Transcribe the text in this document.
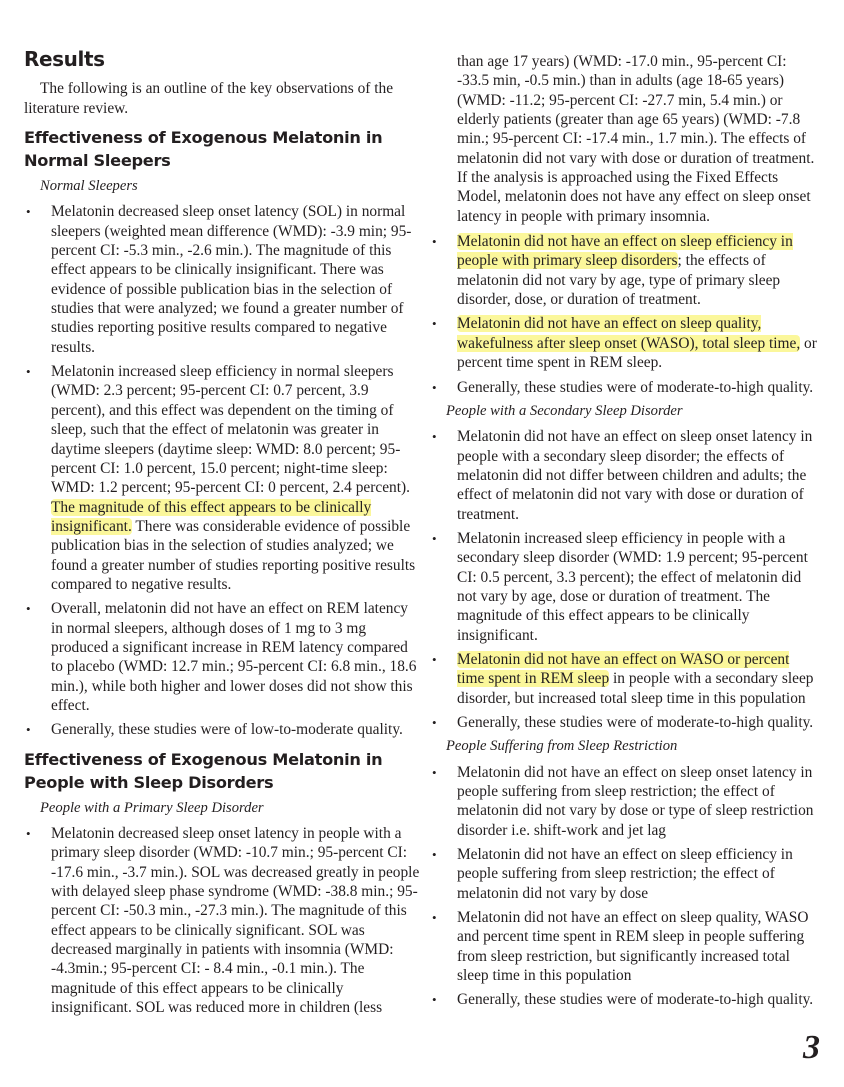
Results

The following is an outline of the key observations of the literature review.

Effectiveness of Exogenous Melatonin in Normal Sleepers
Normal Sleepers
• Melatonin decreased sleep onset latency (SOL) in normal sleepers (weighted mean difference (WMD): -3.9 min; 95-percent CI: -5.3 min., -2.6 min.). The magnitude of this effect appears to be clinically insignificant. There was evidence of possible publication bias in the selection of studies that were analyzed; we found a greater number of studies reporting positive results compared to negative results.
• Melatonin increased sleep efficiency in normal sleepers (WMD: 2.3 percent; 95-percent CI: 0.7 percent, 3.9 percent), and this effect was dependent on the timing of sleep, such that the effect of melatonin was greater in daytime sleepers (daytime sleep: WMD: 8.0 percent; 95-percent CI: 1.0 percent, 15.0 percent; night-time sleep: WMD: 1.2 percent; 95-percent CI: 0 percent, 2.4 percent). The magnitude of this effect appears to be clinically insignificant. There was considerable evidence of possible publication bias in the selection of studies analyzed; we found a greater number of studies reporting positive results compared to negative results.
• Overall, melatonin did not have an effect on REM latency in normal sleepers, although doses of 1 mg to 3 mg produced a significant increase in REM latency compared to placebo (WMD: 12.7 min.; 95-percent CI: 6.8 min., 18.6 min.), while both higher and lower doses did not show this effect.
• Generally, these studies were of low-to-moderate quality.
Effectiveness of Exogenous Melatonin in People with Sleep Disorders
People with a Primary Sleep Disorder
• Melatonin decreased sleep onset latency in people with a primary sleep disorder (WMD: -10.7 min.; 95-percent CI: -17.6 min., -3.7 min.). SOL was decreased greatly in people with delayed sleep phase syndrome (WMD: -38.8 min.; 95-percent CI: -50.3 min., -27.3 min.). The magnitude of this effect appears to be clinically significant. SOL was decreased marginally in patients with insomnia (WMD: -4.3min.; 95-percent CI: - 8.4 min., -0.1 min.). The magnitude of this effect appears to be clinically insignificant. SOL was reduced more in children (less
than age 17 years) (WMD: -17.0 min., 95-percent CI: -33.5 min, -0.5 min.) than in adults (age 18-65 years) (WMD: -11.2; 95-percent CI: -27.7 min, 5.4 min.) or elderly patients (greater than age 65 years) (WMD: -7.8 min.; 95-percent CI: -17.4 min., 1.7 min.). The effects of melatonin did not vary with dose or duration of treatment. If the analysis is approached using the Fixed Effects Model, melatonin does not have any effect on sleep onset latency in people with primary insomnia.
• Melatonin did not have an effect on sleep efficiency in people with primary sleep disorders; the effects of melatonin did not vary by age, type of primary sleep disorder, dose, or duration of treatment.
• Melatonin did not have an effect on sleep quality, wakefulness after sleep onset (WASO), total sleep time, or percent time spent in REM sleep.
• Generally, these studies were of moderate-to-high quality.
People with a Secondary Sleep Disorder
• Melatonin did not have an effect on sleep onset latency in people with a secondary sleep disorder; the effects of melatonin did not differ between children and adults; the effect of melatonin did not vary with dose or duration of treatment.
• Melatonin increased sleep efficiency in people with a secondary sleep disorder (WMD: 1.9 percent; 95-percent CI: 0.5 percent, 3.3 percent); the effect of melatonin did not vary by age, dose or duration of treatment. The magnitude of this effect appears to be clinically insignificant.
• Melatonin did not have an effect on WASO or percent time spent in REM sleep in people with a secondary sleep disorder, but increased total sleep time in this population
• Generally, these studies were of moderate-to-high quality.
People Suffering from Sleep Restriction
• Melatonin did not have an effect on sleep onset latency in people suffering from sleep restriction; the effect of melatonin did not vary by dose or type of sleep restriction disorder i.e. shift-work and jet lag
• Melatonin did not have an effect on sleep efficiency in people suffering from sleep restriction; the effect of melatonin did not vary by dose
• Melatonin did not have an effect on sleep quality, WASO and percent time spent in REM sleep in people suffering from sleep restriction, but significantly increased total sleep time in this population
• Generally, these studies were of moderate-to-high quality.
3
